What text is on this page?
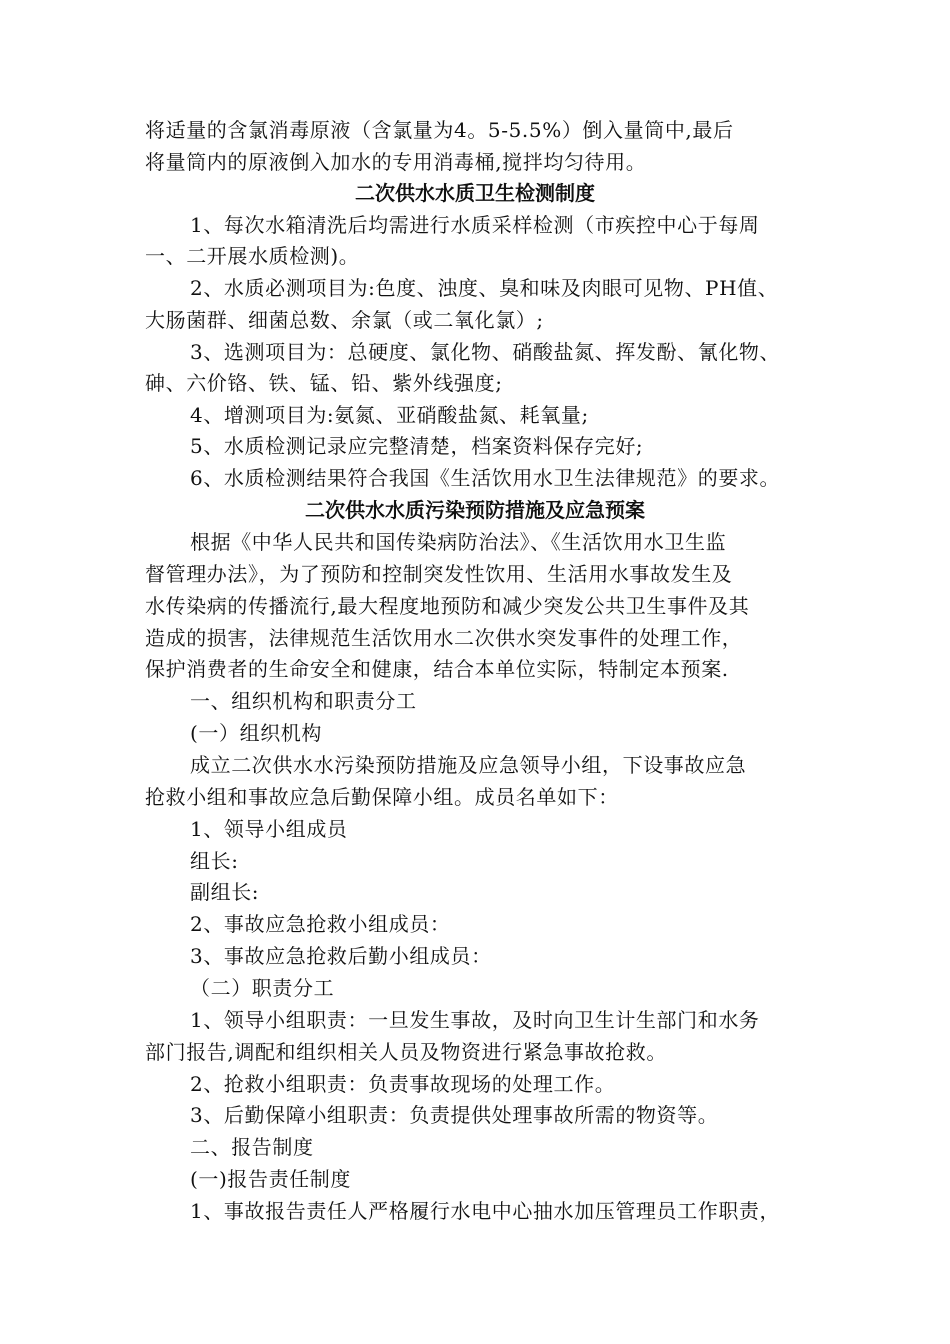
将适量的含氯消毒原液（含氯量为4。5-5.5%）倒入量筒中,最后
将量筒内的原液倒入加水的专用消毒桶,搅拌均匀待用。
二次供水水质卫生检测制度
1、每次水箱清洗后均需进行水质采样检测（市疾控中心于每周
一、二开展水质检测)。
2、水质必测项目为:色度、浊度、臭和味及肉眼可见物、PH值、
大肠菌群、细菌总数、余氯（或二氧化氯）;
3、选测项目为：总硬度、氯化物、硝酸盐氮、挥发酚、氰化物、
砷、六价铬、铁、锰、铅、紫外线强度;
4、增测项目为:氨氮、亚硝酸盐氮、耗氧量;
5、水质检测记录应完整清楚，档案资料保存完好;
6、水质检测结果符合我国《生活饮用水卫生法律规范》的要求。
二次供水水质污染预防措施及应急预案
根据《中华人民共和国传染病防治法》、《生活饮用水卫生监
督管理办法》，为了预防和控制突发性饮用、生活用水事故发生及
水传染病的传播流行,最大程度地预防和减少突发公共卫生事件及其
造成的损害，法律规范生活饮用水二次供水突发事件的处理工作，
保护消费者的生命安全和健康，结合本单位实际，特制定本预案.
一、组织机构和职责分工
(一）组织机构
成立二次供水水污染预防措施及应急领导小组，下设事故应急
抢救小组和事故应急后勤保障小组。成员名单如下：
1、领导小组成员
组长:
副组长:
2、事故应急抢救小组成员：
3、事故应急抢救后勤小组成员：
（二）职责分工
1、领导小组职责：一旦发生事故，及时向卫生计生部门和水务
部门报告,调配和组织相关人员及物资进行紧急事故抢救。
2、抢救小组职责：负责事故现场的处理工作。
3、后勤保障小组职责：负责提供处理事故所需的物资等。
二、报告制度
(一)报告责任制度
1、事故报告责任人严格履行水电中心抽水加压管理员工作职责，
